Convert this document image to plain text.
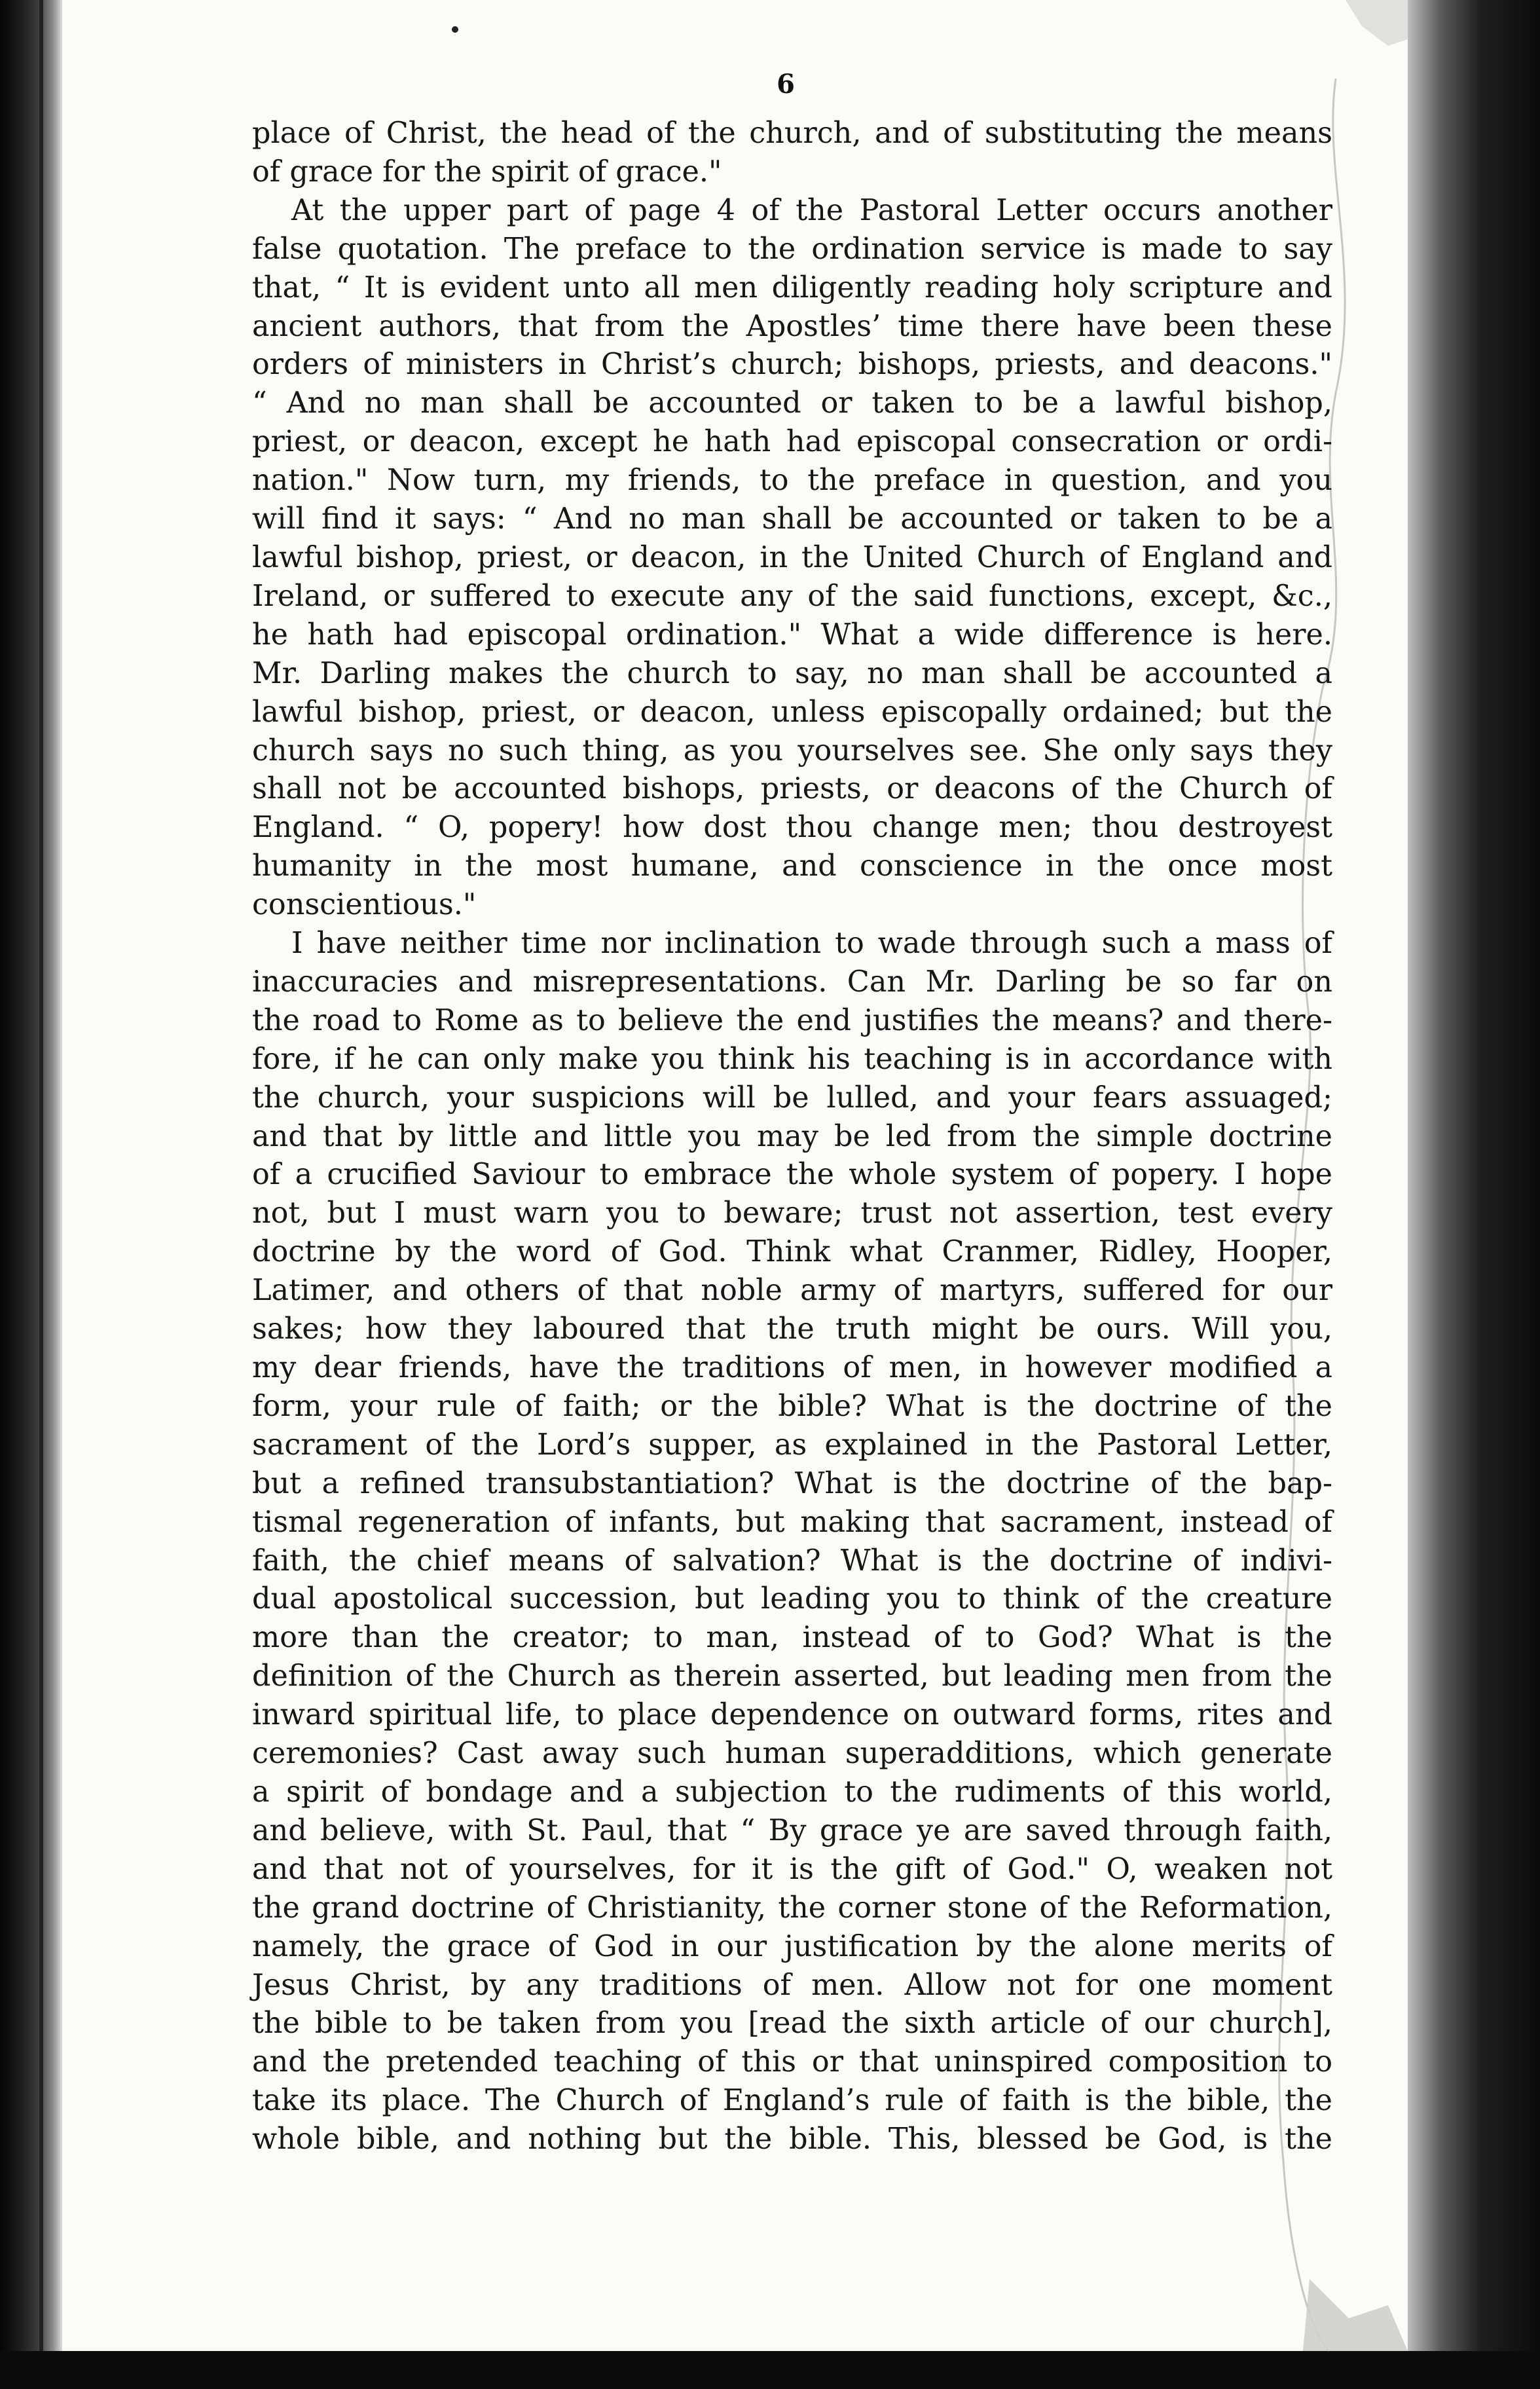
6
place of Christ, the head of the church, and of substituting the means
of grace for the spirit of grace."
At the upper part of page 4 of the Pastoral Letter occurs another
false quotation. The preface to the ordination service is made to say
that, “ It is evident unto all men diligently reading holy scripture and
ancient authors, that from the Apostles’ time there have been these
orders of ministers in Christ’s church; bishops, priests, and deacons."
“ And no man shall be accounted or taken to be a lawful bishop,
priest, or deacon, except he hath had episcopal consecration or ordi-
nation." Now turn, my friends, to the preface in question, and you
will find it says: “ And no man shall be accounted or taken to be a
lawful bishop, priest, or deacon, in the United Church of England and
Ireland, or suffered to execute any of the said functions, except, &c.,
he hath had episcopal ordination." What a wide difference is here.
Mr. Darling makes the church to say, no man shall be accounted a
lawful bishop, priest, or deacon, unless episcopally ordained; but the
church says no such thing, as you yourselves see. She only says they
shall not be accounted bishops, priests, or deacons of the Church of
England. “ O, popery! how dost thou change men; thou destroyest
humanity in the most humane, and conscience in the once most
conscientious."
I have neither time nor inclination to wade through such a mass of
inaccuracies and misrepresentations. Can Mr. Darling be so far on
the road to Rome as to believe the end justifies the means? and there-
fore, if he can only make you think his teaching is in accordance with
the church, your suspicions will be lulled, and your fears assuaged;
and that by little and little you may be led from the simple doctrine
of a crucified Saviour to embrace the whole system of popery. I hope
not, but I must warn you to beware; trust not assertion, test every
doctrine by the word of God. Think what Cranmer, Ridley, Hooper,
Latimer, and others of that noble army of martyrs, suffered for our
sakes; how they laboured that the truth might be ours. Will you,
my dear friends, have the traditions of men, in however modified a
form, your rule of faith; or the bible? What is the doctrine of the
sacrament of the Lord’s supper, as explained in the Pastoral Letter,
but a refined transubstantiation? What is the doctrine of the bap-
tismal regeneration of infants, but making that sacrament, instead of
faith, the chief means of salvation? What is the doctrine of indivi-
dual apostolical succession, but leading you to think of the creature
more than the creator; to man, instead of to God? What is the
definition of the Church as therein asserted, but leading men from the
inward spiritual life, to place dependence on outward forms, rites and
ceremonies? Cast away such human superadditions, which generate
a spirit of bondage and a subjection to the rudiments of this world,
and believe, with St. Paul, that “ By grace ye are saved through faith,
and that not of yourselves, for it is the gift of God." O, weaken not
the grand doctrine of Christianity, the corner stone of the Reformation,
namely, the grace of God in our justification by the alone merits of
Jesus Christ, by any traditions of men. Allow not for one moment
the bible to be taken from you [read the sixth article of our church],
and the pretended teaching of this or that uninspired composition to
take its place. The Church of England’s rule of faith is the bible, the
whole bible, and nothing but the bible. This, blessed be God, is the
